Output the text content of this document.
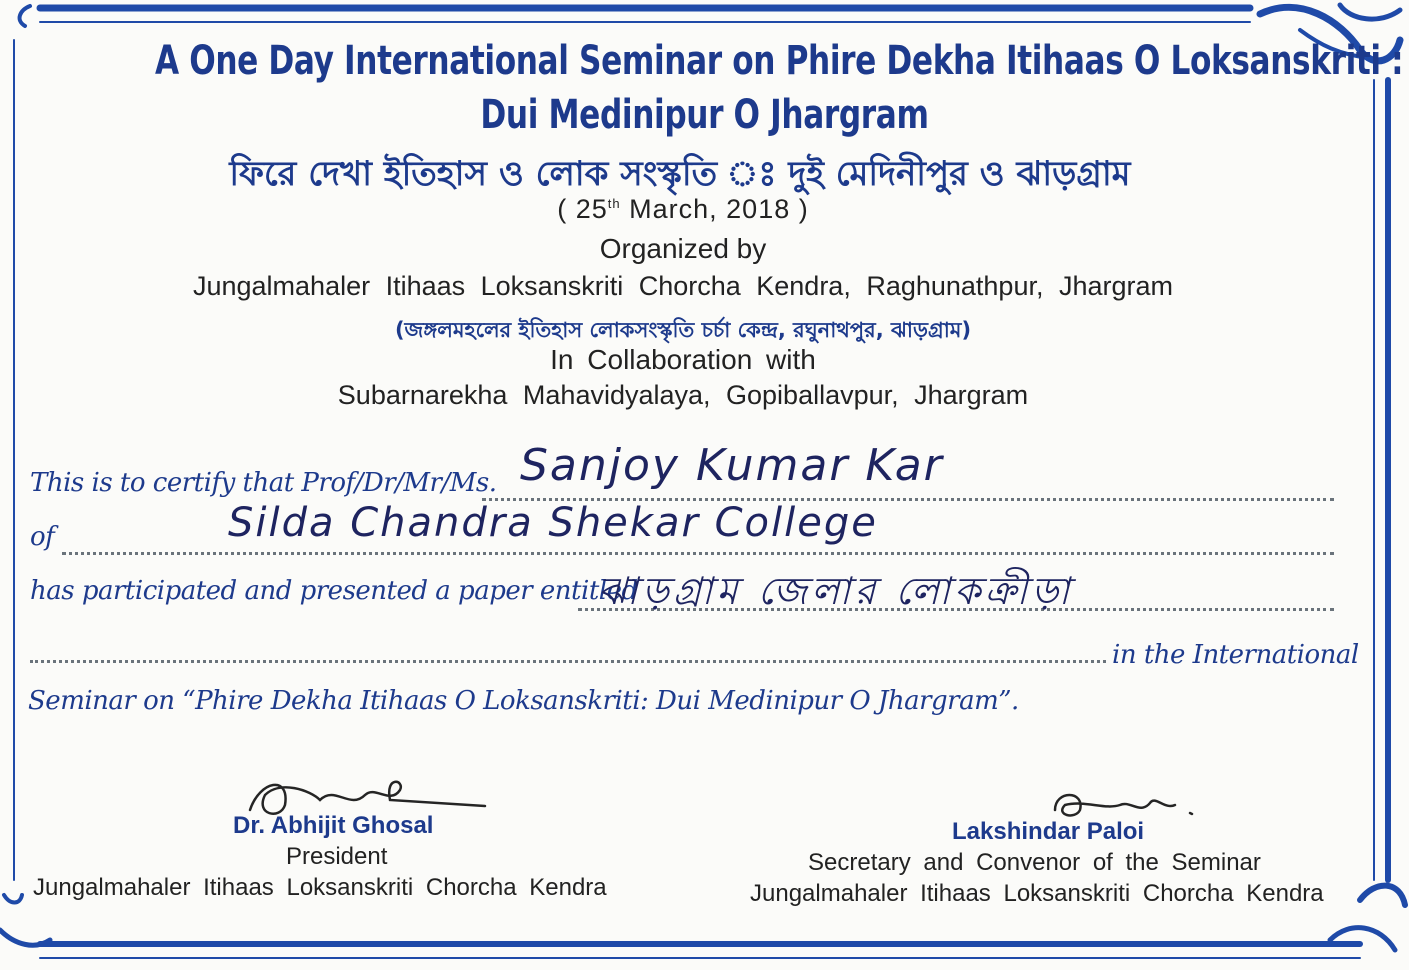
A One Day International Seminar on Phire Dekha Itihaas O Loksanskriti :
Dui Medinipur O Jhargram
ফিরে দেখা ইতিহাস ও লোক সংস্কৃতি ঃ দুই মেদিনীপুর ও ঝাড়গ্রাম
( 25th March, 2018 )
Organized by
Jungalmahaler Itihaas Loksanskriti Chorcha Kendra, Raghunathpur, Jhargram
(জঙ্গলমহলের ইতিহাস লোকসংস্কৃতি চর্চা কেন্দ্র, রঘুনাথপুর, ঝাড়গ্রাম)
In Collaboration with
Subarnarekha Mahavidyalaya, Gopiballavpur, Jhargram
This is to certify that Prof/Dr/Mr/Ms. Sanjoy Kumar Kar
of	Silda Chandra Shekar College
has participated and presented a paper entitled
ঝাড়গ্রাম জেলার লোকক্রীড়া
in the International
Seminar on “Phire Dekha Itihaas O Loksanskriti: Dui Medinipur O Jhargram”.
Dr. Abhijit Ghosal
President
Jungalmahaler Itihaas Loksanskriti Chorcha Kendra
Lakshindar Paloi
Secretary and Convenor of the Seminar
Jungalmahaler Itihaas Loksanskriti Chorcha Kendra
